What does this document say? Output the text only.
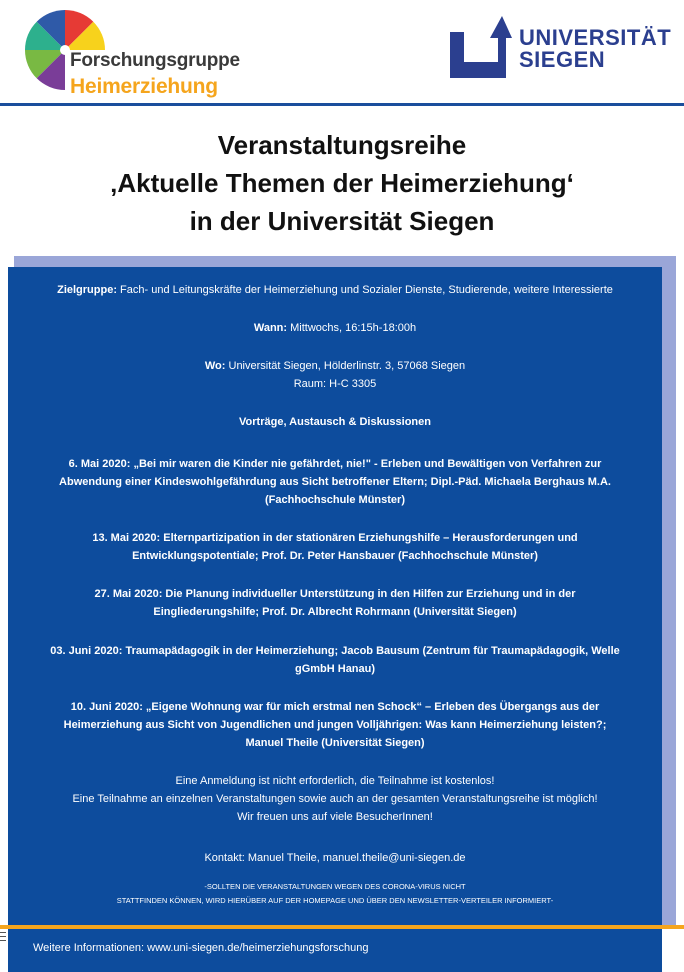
Forschungsgruppe
Heimerziehung
UNIVERSITÄT
SIEGEN
Veranstaltungsreihe
‚Aktuelle Themen der Heimerziehung‘
in der Universität Siegen

Zielgruppe: Fach- und Leitungskräfte der Heimerziehung und Sozialer Dienste, Studierende, weitere Interessierte

Wann: Mittwochs, 16:15h-18:00h

Wo: Universität Siegen, Hölderlinstr. 3, 57068 Siegen

Raum: H-C 3305

Vorträge, Austausch & Diskussionen

6. Mai 2020: „Bei mir waren die Kinder nie gefährdet, nie!" - Erleben und Bewältigen von Verfahren zur

Abwendung einer Kindeswohlgefährdung aus Sicht betroffener Eltern; Dipl.-Päd. Michaela Berghaus M.A.

(Fachhochschule Münster)

13. Mai 2020: Elternpartizipation in der stationären Erziehungshilfe – Herausforderungen und

Entwicklungspotentiale; Prof. Dr. Peter Hansbauer (Fachhochschule Münster)

27. Mai 2020: Die Planung individueller Unterstützung in den Hilfen zur Erziehung und in der

Eingliederungshilfe; Prof. Dr. Albrecht Rohrmann (Universität Siegen)

03. Juni 2020: Traumapädagogik in der Heimerziehung; Jacob Bausum (Zentrum für Traumapädagogik, Welle

gGmbH Hanau)

10. Juni 2020: „Eigene Wohnung war für mich erstmal nen Schock“ – Erleben des Übergangs aus der

Heimerziehung aus Sicht von Jugendlichen und jungen Volljährigen: Was kann Heimerziehung leisten?;

Manuel Theile (Universität Siegen)

Eine Anmeldung ist nicht erforderlich, die Teilnahme ist kostenlos!

Eine Teilnahme an einzelnen Veranstaltungen sowie auch an der gesamten Veranstaltungsreihe ist möglich!

Wir freuen uns auf viele BesucherInnen!

Kontakt: Manuel Theile, manuel.theile@uni-siegen.de

-SOLLTEN DIE VERANSTALTUNGEN WEGEN DES CORONA-VIRUS NICHT

STATTFINDEN KÖNNEN, WIRD HIERÜBER AUF DER HOMEPAGE UND ÜBER DEN NEWSLETTER-VERTEILER INFORMIERT-

Weitere Informationen: www.uni-siegen.de/heimerziehungsforschung
